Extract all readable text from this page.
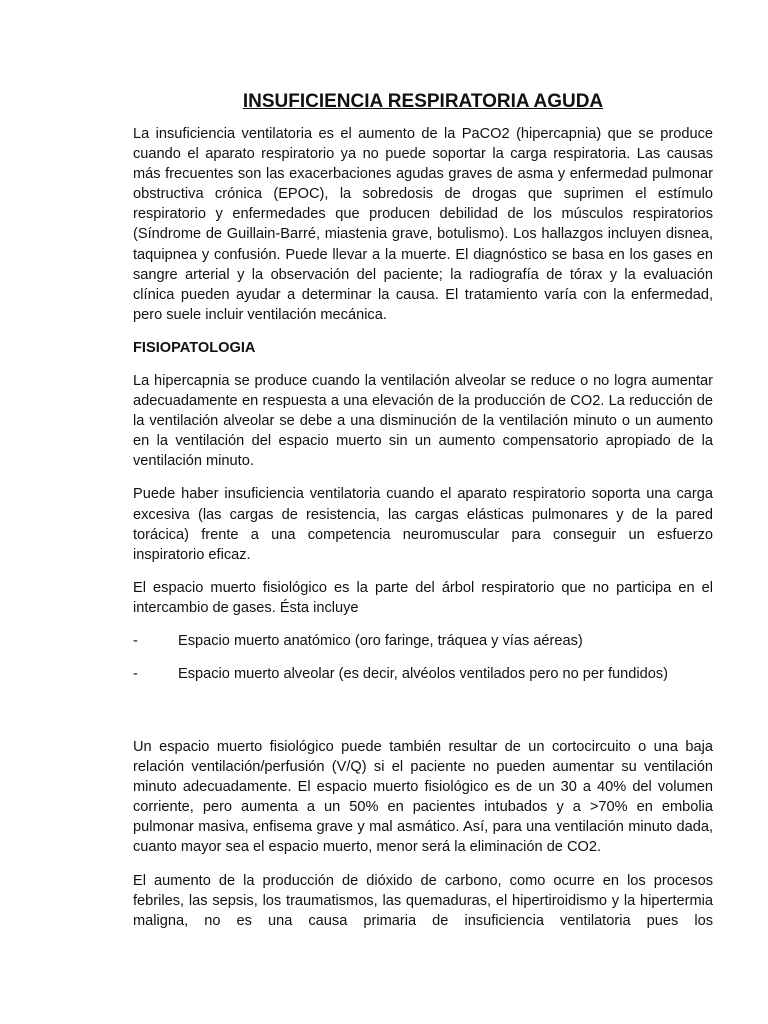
INSUFICIENCIA RESPIRATORIA AGUDA

La insuficiencia ventilatoria es el aumento de la PaCO2 (hipercapnia) que se produce cuando el aparato respiratorio ya no puede soportar la carga respiratoria. Las causas más frecuentes son las exacerbaciones agudas graves de asma y enfermedad pulmonar obstructiva crónica (EPOC), la sobredosis de drogas que suprimen el estímulo respiratorio y enfermedades que producen debilidad de los músculos respiratorios (Síndrome de Guillain-Barré, miastenia grave, botulismo). Los hallazgos incluyen disnea, taquipnea y confusión. Puede llevar a la muerte. El diagnóstico se basa en los gases en sangre arterial y la observación del paciente; la radiografía de tórax y la evaluación clínica pueden ayudar a determinar la causa. El tratamiento varía con la enfermedad, pero suele incluir ventilación mecánica.

FISIOPATOLOGIA

La hipercapnia se produce cuando la ventilación alveolar se reduce o no logra aumentar adecuadamente en respuesta a una elevación de la producción de CO2. La reducción de la ventilación alveolar se debe a una disminución de la ventilación minuto o un aumento en la ventilación del espacio muerto sin un aumento compensatorio apropiado de la ventilación minuto.

Puede haber insuficiencia ventilatoria cuando el aparato respiratorio soporta una carga excesiva (las cargas de resistencia, las cargas elásticas pulmonares y de la pared torácica) frente a una competencia neuromuscular para conseguir un esfuerzo inspiratorio eficaz.

El espacio muerto fisiológico es la parte del árbol respiratorio que no participa en el intercambio de gases. Ésta incluye

-	Espacio muerto anatómico (oro faringe, tráquea y vías aéreas)
-	Espacio muerto alveolar (es decir, alvéolos ventilados pero no per fundidos)

Un espacio muerto fisiológico puede también resultar de un cortocircuito o una baja relación ventilación/perfusión (V/Q) si el paciente no pueden aumentar su ventilación minuto adecuadamente. El espacio muerto fisiológico es de un 30 a 40% del volumen corriente, pero aumenta a un 50% en pacientes intubados y a >70% en embolia pulmonar masiva, enfisema grave y mal asmático. Así, para una ventilación minuto dada, cuanto mayor sea el espacio muerto, menor será la eliminación de CO2.

El aumento de la producción de dióxido de carbono, como ocurre en los procesos febriles, las sepsis, los traumatismos, las quemaduras, el hipertiroidismo y la hipertermia maligna, no es una causa primaria de insuficiencia ventilatoria pues los
